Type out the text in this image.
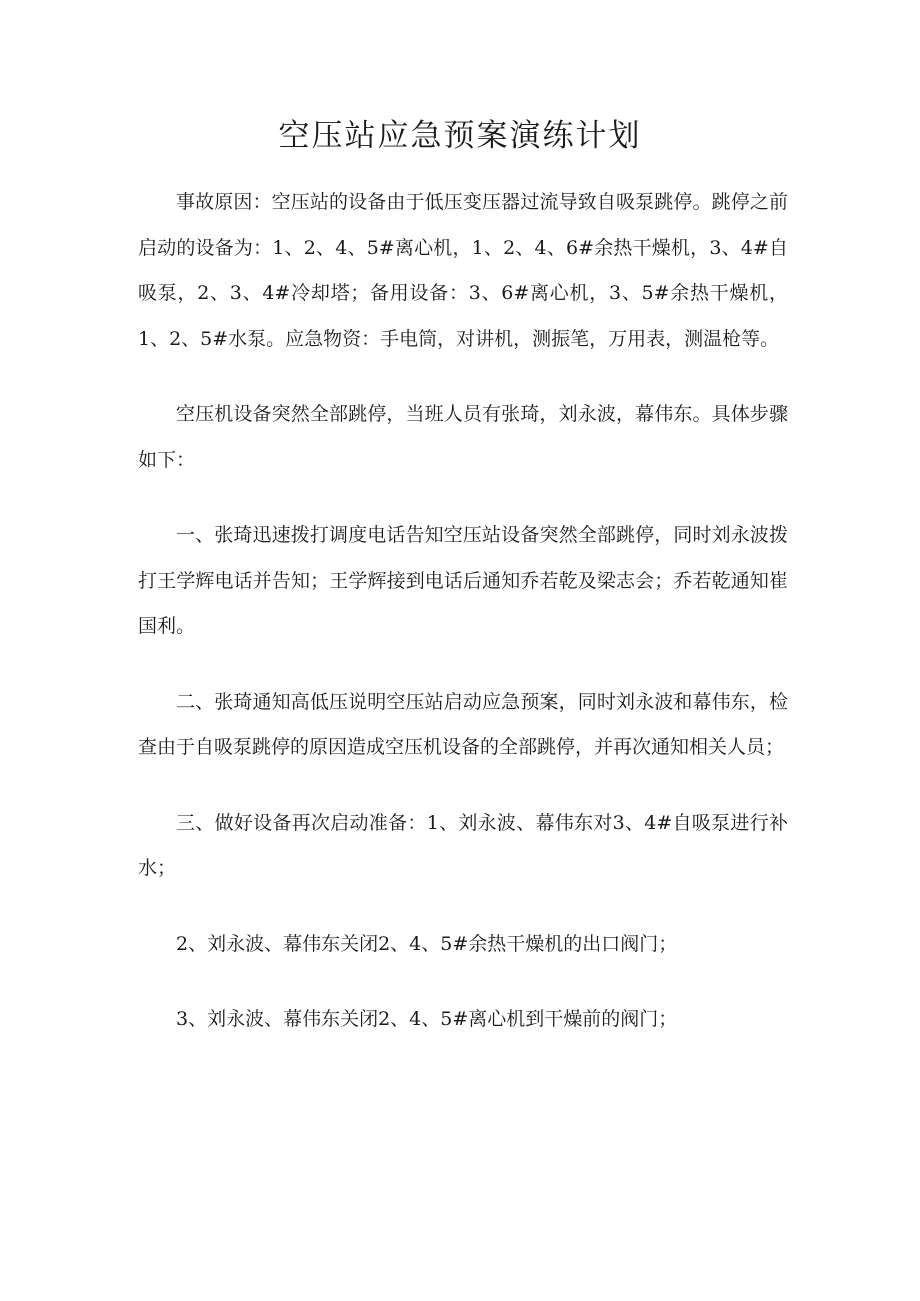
空压站应急预案演练计划

事故原因：空压站的设备由于低压变压器过流导致自吸泵跳停。跳停之前启动的设备为：1、2、4、5#离心机，1、2、4、6#余热干燥机，3、4#自吸泵，2、3、4#冷却塔；备用设备：3、6#离心机，3、5#余热干燥机，1、2、5#水泵。应急物资：手电筒，对讲机，测振笔，万用表，测温枪等。

空压机设备突然全部跳停，当班人员有张琦，刘永波，幕伟东。具体步骤如下：

一、张琦迅速拨打调度电话告知空压站设备突然全部跳停，同时刘永波拨打王学辉电话并告知；王学辉接到电话后通知乔若乾及梁志会；乔若乾通知崔国利。

二、张琦通知高低压说明空压站启动应急预案，同时刘永波和幕伟东，检查由于自吸泵跳停的原因造成空压机设备的全部跳停，并再次通知相关人员；

三、做好设备再次启动准备：1、刘永波、幕伟东对3、4#自吸泵进行补水；

2、刘永波、幕伟东关闭2、4、5#余热干燥机的出口阀门；

3、刘永波、幕伟东关闭2、4、5#离心机到干燥前的阀门；
